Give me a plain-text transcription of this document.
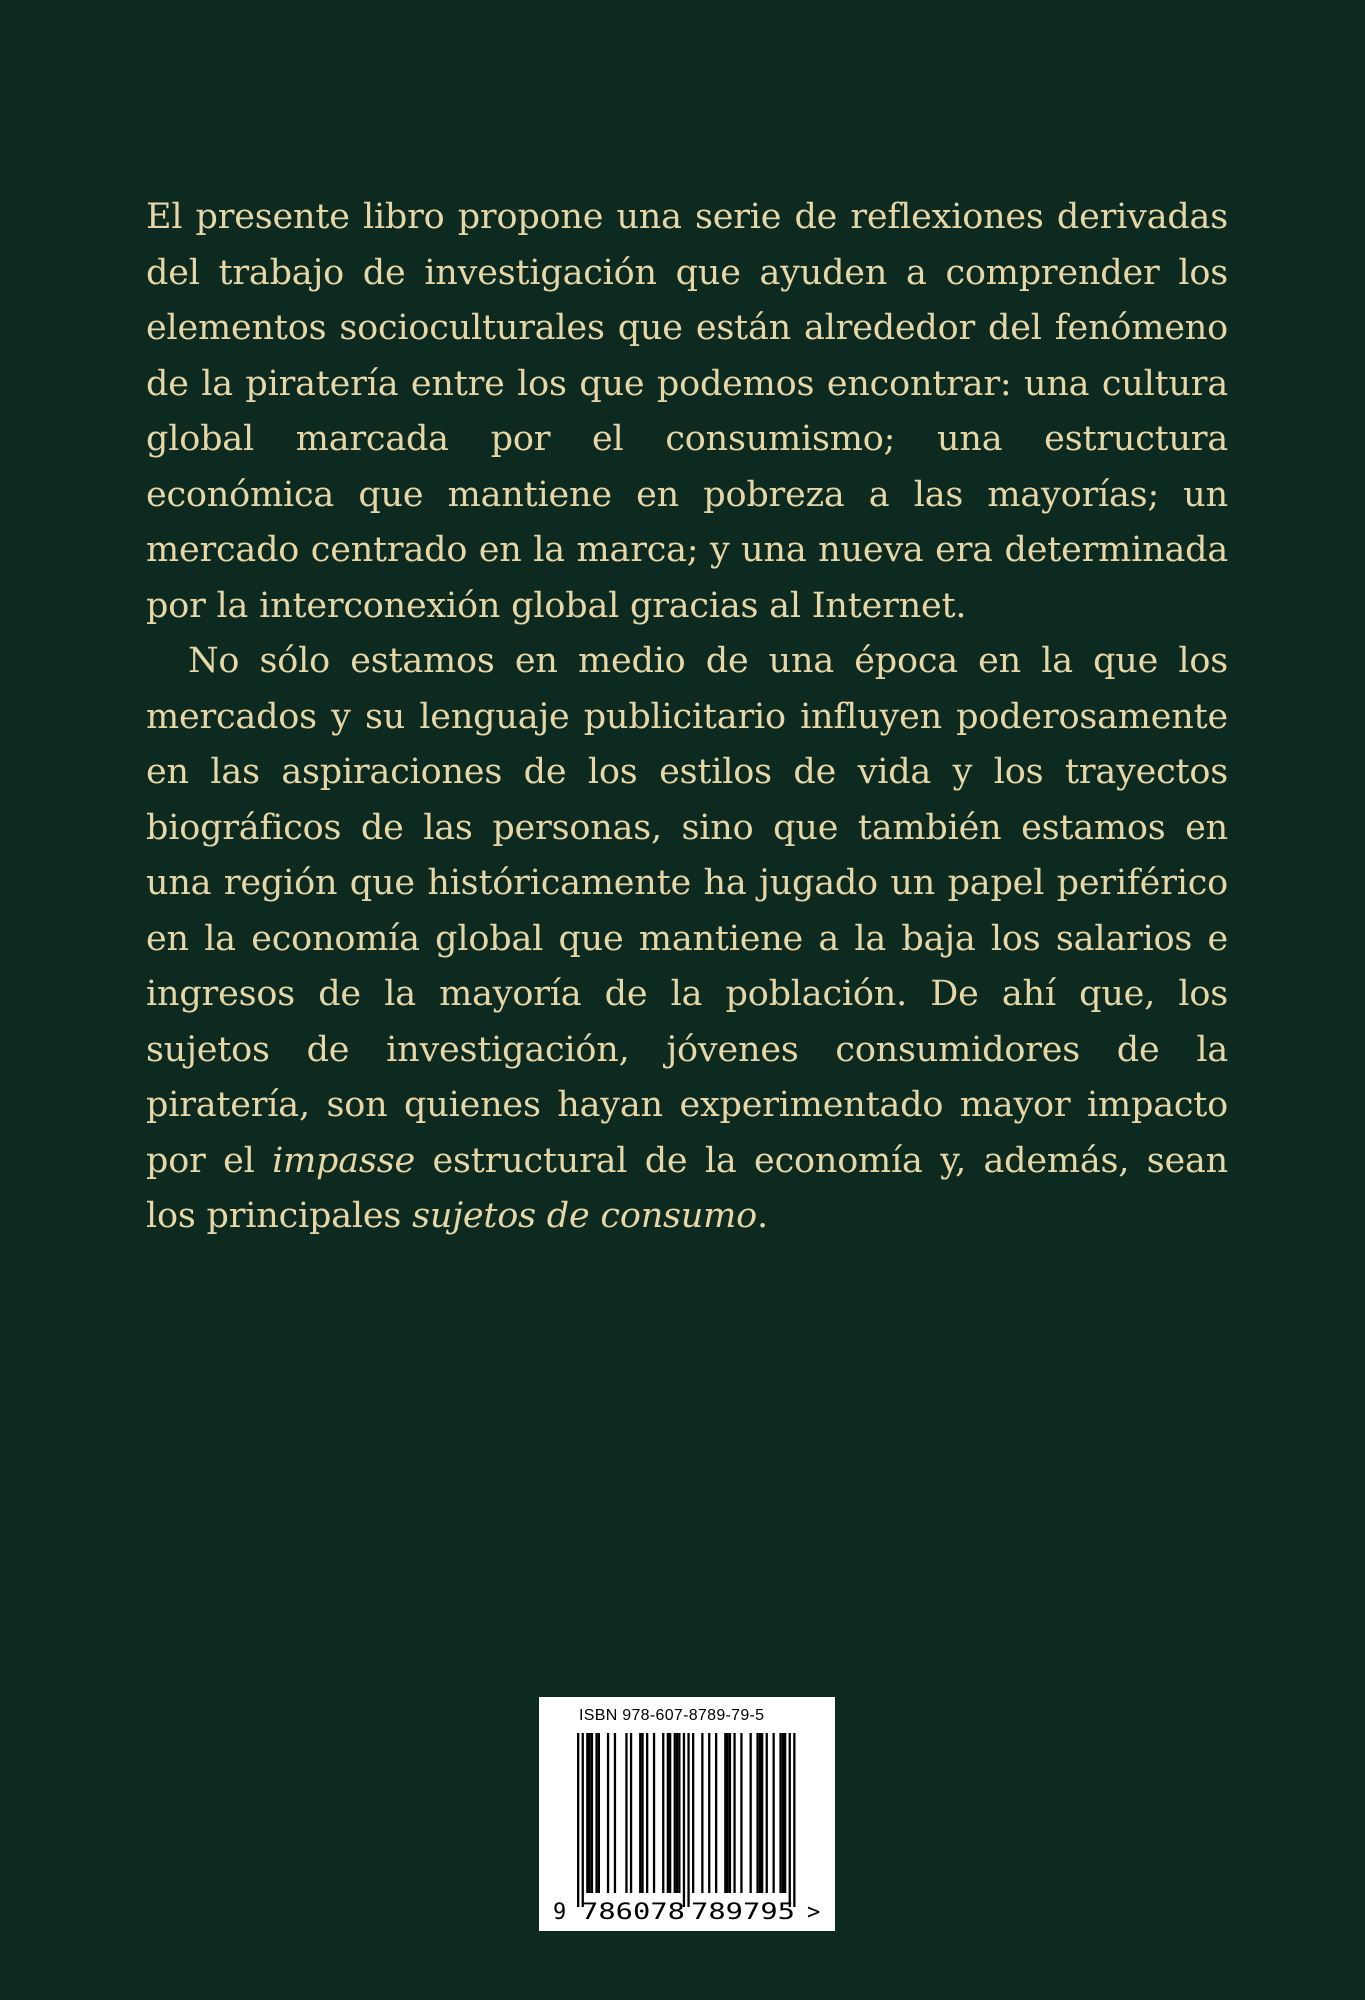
El presente libro propone una serie de reflexiones derivadas del trabajo de investigación que ayuden a comprender los elementos socioculturales que están alrededor del fenómeno de la piratería entre los que podemos encontrar: una cultura global marcada por el consumismo; una estructura económica que mantiene en pobreza a las mayorías; un mercado centrado en la marca; y una nueva era determinada por la interconexión global gracias al Internet.

No sólo estamos en medio de una época en la que los mercados y su lenguaje publicitario influyen poderosamente en las aspiraciones de los estilos de vida y los trayectos biográficos de las personas, sino que también estamos en una región que históricamente ha jugado un papel periférico en la economía global que mantiene a la baja los salarios e ingresos de la mayoría de la población. De ahí que, los sujetos de investigación, jóvenes consumidores de la piratería, son quienes hayan experimentado mayor impacto por el impasse estructural de la economía y, además, sean los principales sujetos de consumo.

9 786078 789795 >
ISBN 978-607-8789-79-5
